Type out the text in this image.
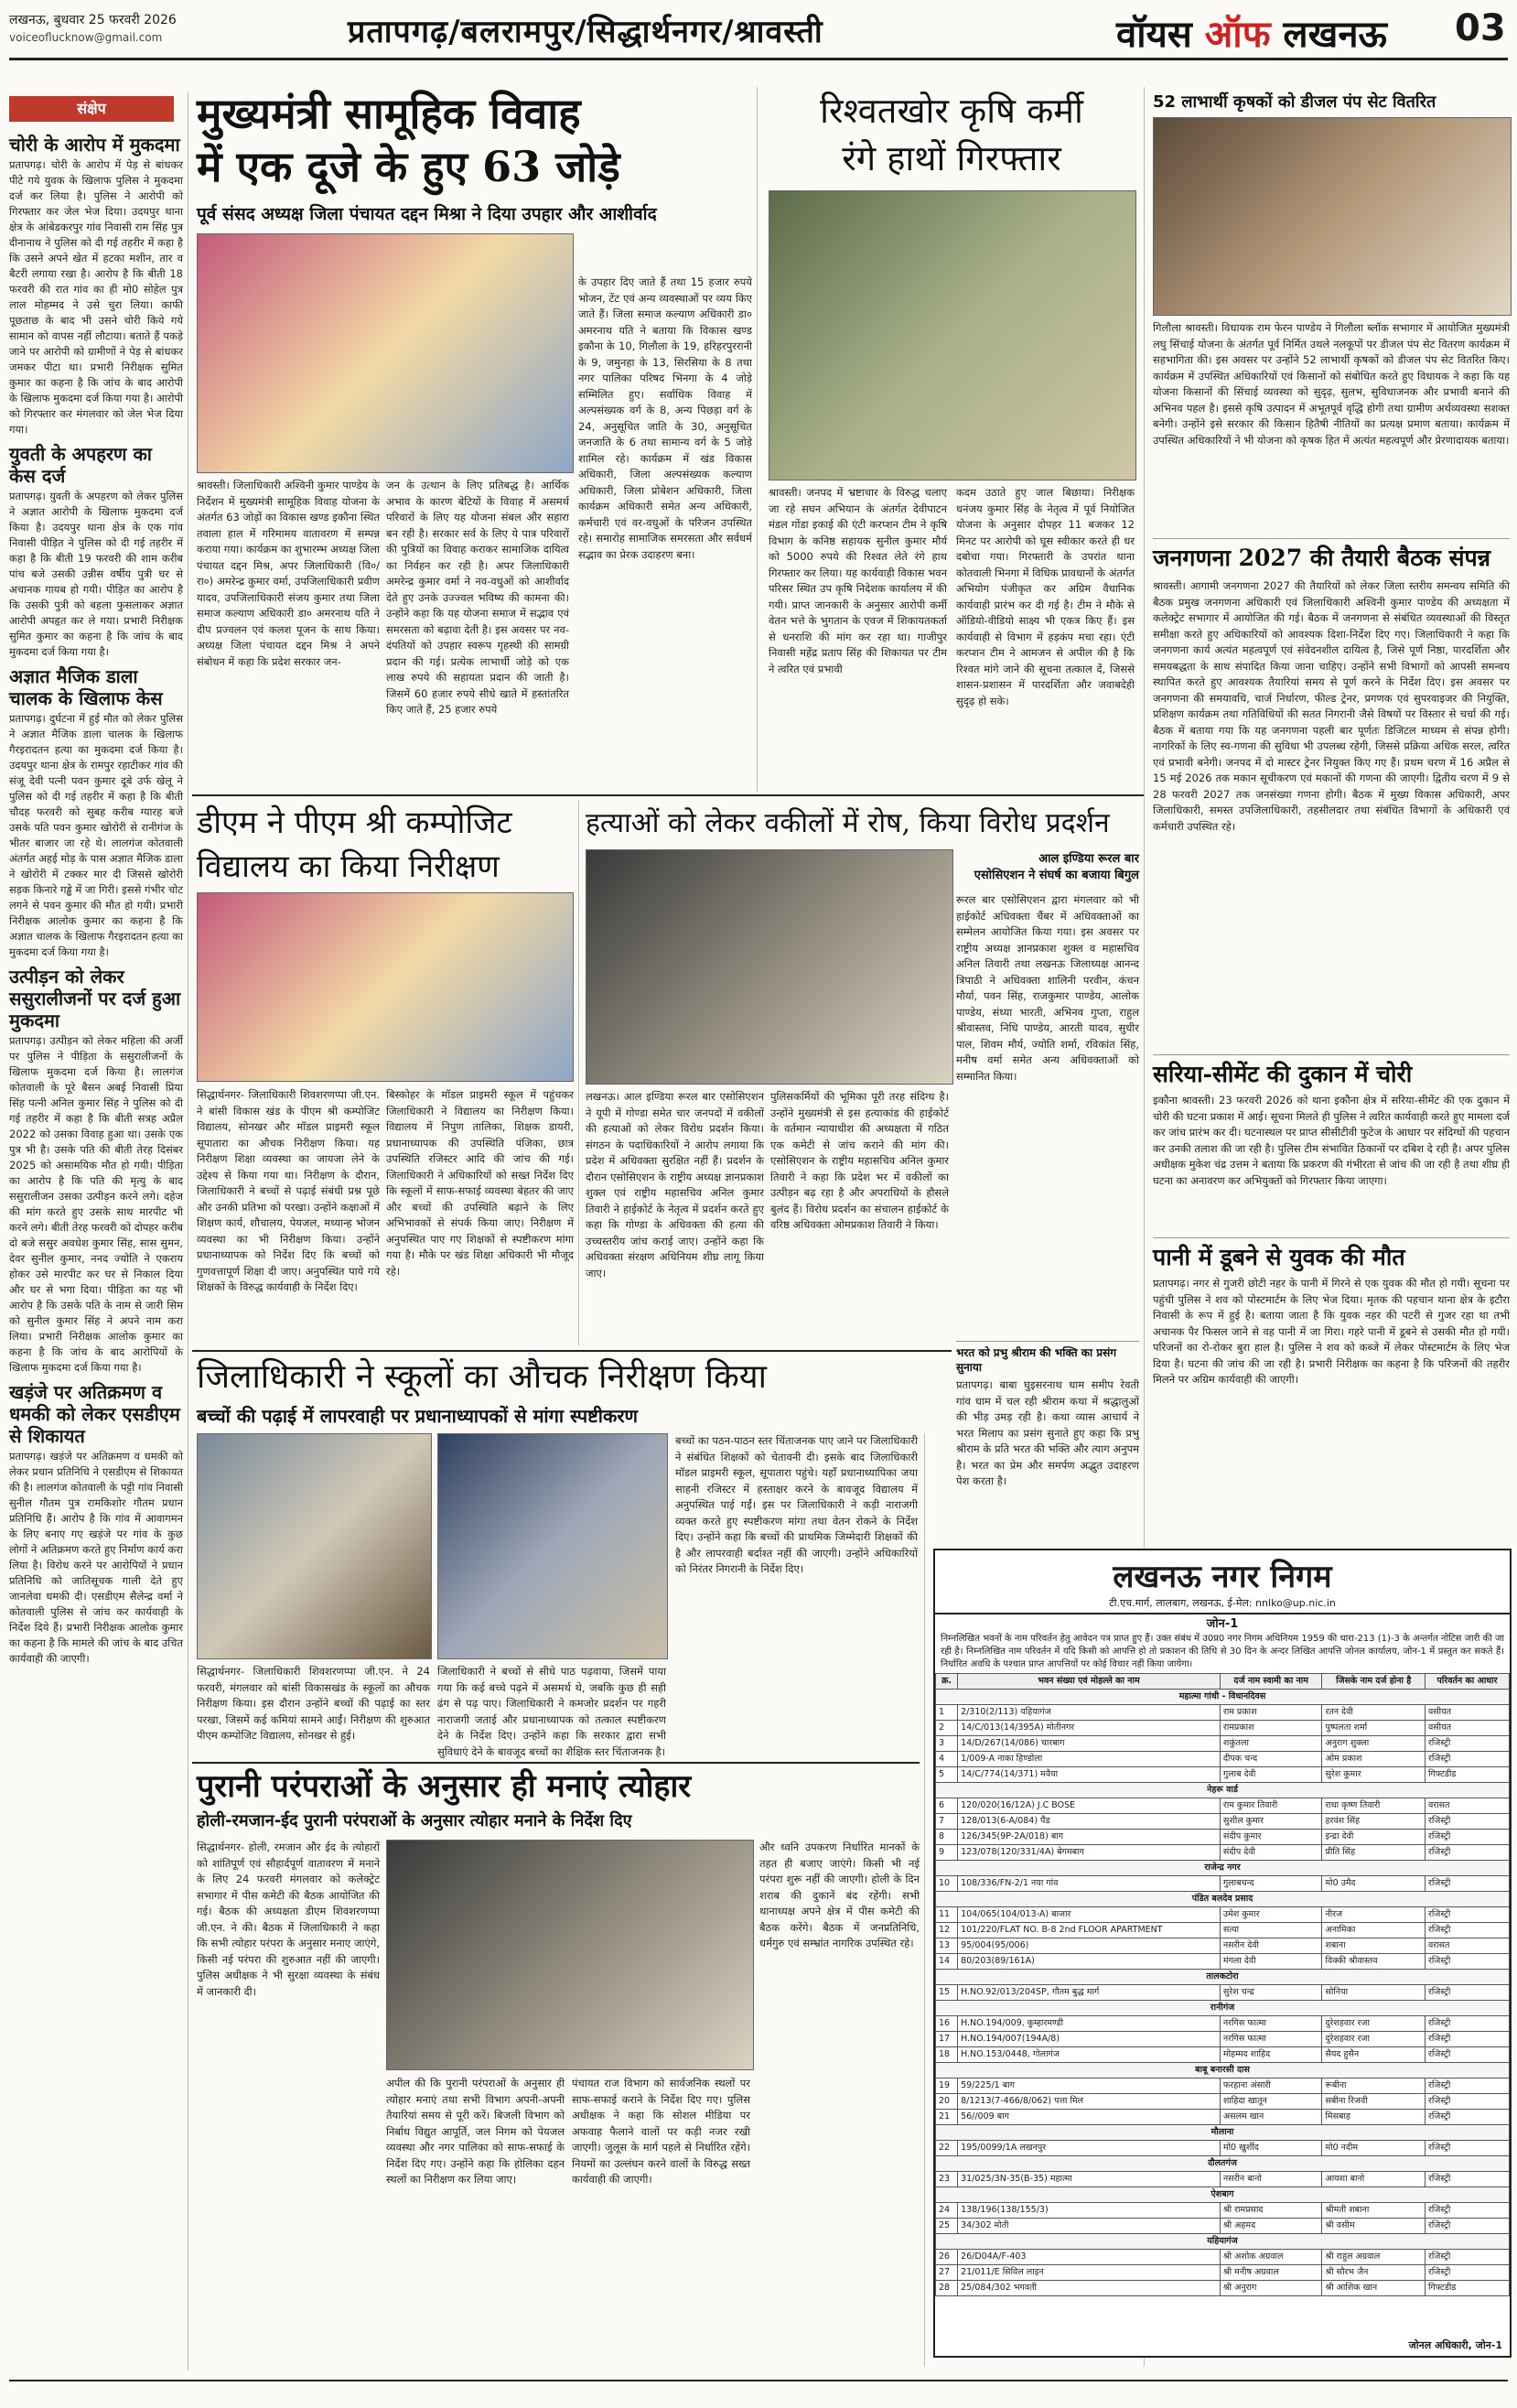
लखनऊ, बुधवार 25 फरवरी 2026
voiceoflucknow@gmail.com	प्रतापगढ़/बलरामपुर/सिद्धार्थनगर/श्रावस्ती	वॉयस ऑफ लखनऊ 03
संक्षेप
चोरी के आरोप में मुकदमा
प्रतापगढ़। चोरी के आरोप में पेड़ से बांधकर पीटे गये युवक के खिलाफ पुलिस ने मुकदमा दर्ज कर लिया है। पुलिस ने आरोपी को गिरफ्तार कर जेल भेज दिया। उदयपुर थाना क्षेत्र के आंबेडकरपुर गांव निवासी राम सिंह पुत्र दीनानाथ ने पुलिस को दी गई तहरीर में कहा है कि उसने अपने खेत में हटका मशीन, तार व बैटरी लगाया रखा है। आरोप है कि बीती 18 फरवरी की रात गांव का ही मो0 सोहेल पुत्र लाल मोहम्मद ने उसे चुरा लिया। काफी पूछताछ के बाद भी उसने चोरी किये गये सामान को वापस नहीं लौटाया। बताते हैं पकड़े जाने पर आरोपी को ग्रामीणों ने पेड़ से बांधकर जमकर पीटा था। प्रभारी निरीक्षक सुमित कुमार का कहना है कि जांच के बाद आरोपी के खिलाफ मुकदमा दर्ज किया गया है। आरोपी को गिरफ्तार कर मंगलवार को जेल भेज दिया गया।
युवती के अपहरण का केस दर्ज
प्रतापगढ़। युवती के अपहरण को लेकर पुलिस ने अज्ञात आरोपी के खिलाफ मुकदमा दर्ज किया है। उदयपुर थाना क्षेत्र के एक गांव निवासी पीड़ित ने पुलिस को दी गई तहरीर में कहा है कि बीती 19 फरवरी की शाम करीब पांच बजे उसकी उन्नीस वर्षीय पुत्री घर से अचानक गायब हो गयी। पीड़ित का आरोप है कि उसकी पुत्री को बहला फुसलाकर अज्ञात आरोपी अपहृत कर ले गया। प्रभारी निरीक्षक सुमित कुमार का कहना है कि जांच के बाद मुकदमा दर्ज किया गया है।
अज्ञात मैजिक डाला चालक के खिलाफ केस
प्रतापगढ़। दुर्घटना में हुई मौत को लेकर पुलिस ने अज्ञात मैजिक डाला चालक के खिलाफ गैरइरादतन हत्या का मुकदमा दर्ज किया है। उदयपुर थाना क्षेत्र के रामपुर रहाटीकर गांव की संजू देवी पत्नी पवन कुमार दूबे उर्फ खेलू ने पुलिस को दी गई तहरीर में कहा है कि बीती चौदह फरवरी को सुबह करीब ग्यारह बजे उसके पति पवन कुमार खोरोरी से रानीगंज के भीतर बाजार जा रहे थे। लालगंज कोतवाली अंतर्गत अहई मोड़ के पास अज्ञात मैजिक डाला ने खोरोरी में टक्कर मार दी जिससे खोरोरी सड़क किनारे गड्ढे में जा गिरी। इससे गंभीर चोट लगने से पवन कुमार की मौत हो गयी। प्रभारी निरीक्षक आलोक कुमार का कहना है कि अज्ञात चालक के खिलाफ गैरइरादतन हत्या का मुकदमा दर्ज किया गया है।
उत्पीड़न को लेकर ससुरालीजनों पर दर्ज हुआ मुकदमा
प्रतापगढ़। उत्पीड़न को लेकर महिला की अर्जी पर पुलिस ने पीड़िता के ससुरालीजनों के खिलाफ मुकदमा दर्ज किया है। लालगंज कोतवाली के पूरे बैसन अबई निवासी प्रिया सिंह पत्नी अनिल कुमार सिंह ने पुलिस को दी गई तहरीर में कहा है कि बीती सत्रह अप्रैल 2022 को उसका विवाह हुआ था। उसके एक पुत्र भी है। उसके पति की बीती तेरह दिसंबर 2025 को असामयिक मौत हो गयी। पीड़िता का आरोप है कि पति की मृत्यु के बाद ससुरालीजन उसका उत्पीड़न करने लगे। दहेज की मांग करते हुए उसके साथ मारपीट भी करने लगे। बीती तेरह फरवरी को दोपहर करीब दो बजे ससुर अवधेश कुमार सिंह, सास सुमन, देवर सुनील कुमार, ननद ज्योति ने एकराय होकर उसे मारपीट कर घर से निकाल दिया और घर से भगा दिया। पीड़िता का यह भी आरोप है कि उसके पति के नाम से जारी सिम को सुनील कुमार सिंह ने अपने नाम करा लिया। प्रभारी निरीक्षक आलोक कुमार का कहना है कि जांच के बाद आरोपियों के खिलाफ मुकदमा दर्ज किया गया है।
खड़ंजे पर अतिक्रमण व धमकी को लेकर एसडीएम से शिकायत
प्रतापगढ़। खड़ंजे पर अतिक्रमण व धमकी को लेकर प्रधान प्रतिनिधि ने एसडीएम से शिकायत की है। लालगंज कोतवाली के पट्टी गांव निवासी सुनील गौतम पुत्र रामकिशोर गौतम प्रधान प्रतिनिधि हैं। आरोप है कि गांव में आवागमन के लिए बनाए गए खड़ंजे पर गांव के कुछ लोगों ने अतिक्रमण करते हुए निर्माण कार्य करा लिया है। विरोध करने पर आरोपियों ने प्रधान प्रतिनिधि को जातिसूचक गाली देते हुए जानलेवा धमकी दी। एसडीएम सैलेन्द्र वर्मा ने कोतवाली पुलिस से जांच कर कार्यवाही के निर्देश दिये हैं। प्रभारी निरीक्षक आलोक कुमार का कहना है कि मामले की जांच के बाद उचित कार्यवाही की जाएगी।
मुख्यमंत्री सामूहिक विवाह
में एक दूजे के हुए 63 जोड़े
पूर्व संसद अध्यक्ष जिला पंचायत दद्दन मिश्रा ने दिया उपहार और आशीर्वाद
श्रावस्ती। जिलाधिकारी अश्विनी कुमार पाण्डेय के निर्देशन में मुख्यमंत्री सामूहिक विवाह योजना के अंतर्गत 63 जोड़ों का विकास खण्ड इकौना स्थित तवाला हाल में गरिमामय वातावरण में सम्पन्न कराया गया। कार्यक्रम का शुभारम्भ अध्यक्ष जिला पंचायत दद्दन मिश्र, अपर जिलाधिकारी (वि०/रा०) अमरेन्द्र कुमार वर्मा, उपजिलाधिकारी प्रवीण यादव, उपजिलाधिकारी संजय कुमार तथा जिला समाज कल्याण अधिकारी डा० अमरनाथ यति ने दीप प्रज्वलन एवं कलश पूजन के साथ किया। अध्यक्ष जिला पंचायत दद्दन मिश्र ने अपने संबोधन में कहा कि प्रदेश सरकार जन-
जन के उत्थान के लिए प्रतिबद्ध है। आर्थिक अभाव के कारण बेटियों के विवाह में असमर्थ परिवारों के लिए यह योजना संबल और सहारा बन रही है। सरकार सर्व के लिए ये पात्र परिवारों की पुत्रियों का विवाह कराकर सामाजिक दायित्व का निर्वहन कर रही है। अपर जिलाधिकारी अमरेन्द्र कुमार वर्मा ने नव-वधुओं को आशीर्वाद देते हुए उनके उज्ज्वल भविष्य की कामना की। उन्होंने कहा कि यह योजना समाज में सद्भाव एवं समरसता को बढ़ावा देती है। इस अवसर पर नव-दंपतियों को उपहार स्वरूप गृहस्थी की सामग्री प्रदान की गई। प्रत्येक लाभार्थी जोड़े को एक लाख रुपये की सहायता प्रदान की जाती है। जिसमें 60 हजार रुपये सीधे खाते में हस्तांतरित किए जाते हैं, 25 हजार रुपये
के उपहार दिए जाते हैं तथा 15 हजार रुपये भोजन, टेंट एवं अन्य व्यवस्थाओं पर व्यय किए जाते हैं। जिला समाज कल्याण अधिकारी डा० अमरनाथ यति ने बताया कि विकास खण्ड इकौना के 10, गिलौला के 19, हरिहरपुररानी के 9, जमुनहा के 13, सिरसिया के 8 तथा नगर पालिका परिषद भिनगा के 4 जोड़े सम्मिलित हुए। सर्वाधिक विवाह में अल्पसंख्यक वर्ग के 8, अन्य पिछड़ा वर्ग के 24, अनुसूचित जाति के 30, अनुसूचित जनजाति के 6 तथा सामान्य वर्ग के 5 जोड़े शामिल रहे। कार्यक्रम में खंड विकास अधिकारी, जिला अल्पसंख्यक कल्याण अधिकारी, जिला प्रोबेशन अधिकारी, जिला कार्यक्रम अधिकारी समेत अन्य अधिकारी, कर्मचारी एवं वर-वधुओं के परिजन उपस्थित रहे। समारोह सामाजिक समरसता और सर्वधर्म सद्भाव का प्रेरक उदाहरण बना।
रिश्वतखोर कृषि कर्मी
रंगे हाथों गिरफ्तार
श्रावस्ती। जनपद में भ्रष्टाचार के विरुद्ध चलाए जा रहे सघन अभियान के अंतर्गत देवीपाटन मंडल गोंडा इकाई की एंटी करप्शन टीम ने कृषि विभाग के कनिष्ठ सहायक सुनील कुमार मौर्य को 5000 रुपये की रिश्वत लेते रंगे हाथ गिरफ्तार कर लिया। यह कार्यवाही विकास भवन परिसर स्थित उप कृषि निदेशक कार्यालय में की गयी। प्राप्त जानकारी के अनुसार आरोपी कर्मी वेतन भत्ते के भुगतान के एवज में शिकायतकर्ता से धनराशि की मांग कर रहा था। गाजीपुर निवासी महेंद्र प्रताप सिंह की शिकायत पर टीम ने त्वरित एवं प्रभावी
कदम उठाते हुए जाल बिछाया। निरीक्षक धनंजय कुमार सिंह के नेतृत्व में पूर्व नियोजित योजना के अनुसार दोपहर 11 बजकर 12 मिनट पर आरोपी को घूस स्वीकार करते ही धर दबोचा गया। गिरफ्तारी के उपरांत थाना कोतवाली भिनगा में विधिक प्रावधानों के अंतर्गत अभियोग पंजीकृत कर अग्रिम वैधानिक कार्यवाही प्रारंभ कर दी गई है। टीम ने मौके से ऑडियो-वीडियो साक्ष्य भी एकत्र किए हैं। इस कार्यवाही से विभाग में हड़कंप मचा रहा। एंटी करप्शन टीम ने आमजन से अपील की है कि रिश्वत मांगे जाने की सूचना तत्काल दें, जिससे शासन-प्रशासन में पारदर्शिता और जवाबदेही सुदृढ़ हो सके।
52 लाभार्थी कृषकों को डीजल पंप सेट वितरित
गिलौला श्रावस्ती। विधायक राम फेरन पाण्डेय ने गिलौला ब्लॉक सभागार में आयोजित मुख्यमंत्री लघु सिंचाई योजना के अंतर्गत पूर्व निर्मित उथले नलकूपों पर डीजल पंप सेट वितरण कार्यक्रम में सहभागिता की। इस अवसर पर उन्होंने 52 लाभार्थी कृषकों को डीजल पंप सेट वितरित किए। कार्यक्रम में उपस्थित अधिकारियों एवं किसानों को संबोधित करते हुए विधायक ने कहा कि यह योजना किसानों की सिंचाई व्यवस्था को सुदृढ़, सुलभ, सुविधाजनक और प्रभावी बनाने की अभिनव पहल है। इससे कृषि उत्पादन में अभूतपूर्व वृद्धि होगी तथा ग्रामीण अर्थव्यवस्था सशक्त बनेगी। उन्होंने इसे सरकार की किसान हितैषी नीतियों का प्रत्यक्ष प्रमाण बताया। कार्यक्रम में उपस्थित अधिकारियों ने भी योजना को कृषक हित में अत्यंत महत्वपूर्ण और प्रेरणादायक बताया।
जनगणना 2027 की तैयारी बैठक संपन्न
श्रावस्ती। आगामी जनगणना 2027 की तैयारियों को लेकर जिला स्तरीय समन्वय समिति की बैठक प्रमुख जनगणना अधिकारी एवं जिलाधिकारी अश्विनी कुमार पाण्डेय की अध्यक्षता में कलेक्ट्रेट सभागार में आयोजित की गई। बैठक में जनगणना से संबंधित व्यवस्थाओं की विस्तृत समीक्षा करते हुए अधिकारियों को आवश्यक दिशा-निर्देश दिए गए। जिलाधिकारी ने कहा कि जनगणना कार्य अत्यंत महत्वपूर्ण एवं संवेदनशील दायित्व है, जिसे पूर्ण निष्ठा, पारदर्शिता और समयबद्धता के साथ संपादित किया जाना चाहिए। उन्होंने सभी विभागों को आपसी समन्वय स्थापित करते हुए आवश्यक तैयारियां समय से पूर्ण करने के निर्देश दिए। इस अवसर पर जनगणना की समयावधि, चार्ज निर्धारण, फील्ड ट्रेनर, प्रगणक एवं सुपरवाइजर की नियुक्ति, प्रशिक्षण कार्यक्रम तथा गतिविधियों की सतत निगरानी जैसे विषयों पर विस्तार से चर्चा की गई। बैठक में बताया गया कि यह जनगणना पहली बार पूर्णतः डिजिटल माध्यम से संपन्न होगी। नागरिकों के लिए स्व-गणना की सुविधा भी उपलब्ध रहेगी, जिससे प्रक्रिया अधिक सरल, त्वरित एवं प्रभावी बनेगी। जनपद में दो मास्टर ट्रेनर नियुक्त किए गए हैं। प्रथम चरण में 16 अप्रैल से 15 मई 2026 तक मकान सूचीकरण एवं मकानों की गणना की जाएगी। द्वितीय चरण में 9 से 28 फरवरी 2027 तक जनसंख्या गणना होगी। बैठक में मुख्य विकास अधिकारी, अपर जिलाधिकारी, समस्त उपजिलाधिकारी, तहसीलदार तथा संबंधित विभागों के अधिकारी एवं कर्मचारी उपस्थित रहे।
सरिया-सीमेंट की दुकान में चोरी
इकौना श्रावस्ती। 23 फरवरी 2026 को थाना इकौना क्षेत्र में सरिया-सीमेंट की एक दुकान में चोरी की घटना प्रकाश में आई। सूचना मिलते ही पुलिस ने त्वरित कार्यवाही करते हुए मामला दर्ज कर जांच प्रारंभ कर दी। घटनास्थल पर प्राप्त सीसीटीवी फुटेज के आधार पर संदिग्धों की पहचान कर उनकी तलाश की जा रही है। पुलिस टीम संभावित ठिकानों पर दबिश दे रही है। अपर पुलिस अधीक्षक मुकेश चंद्र उत्तम ने बताया कि प्रकरण की गंभीरता से जांच की जा रही है तथा शीघ्र ही घटना का अनावरण कर अभियुक्तों को गिरफ्तार किया जाएगा।
पानी में डूबने से युवक की मौत
प्रतापगढ़। नगर से गुजरी छोटी नहर के पानी में गिरने से एक युवक की मौत हो गयी। सूचना पर पहुंची पुलिस ने शव को पोस्टमार्टम के लिए भेज दिया। मृतक की पहचान थाना क्षेत्र के इटौरा निवासी के रूप में हुई है। बताया जाता है कि युवक नहर की पटरी से गुजर रहा था तभी अचानक पैर फिसल जाने से वह पानी में जा गिरा। गहरे पानी में डूबने से उसकी मौत हो गयी। परिजनों का रो-रोकर बुरा हाल है। पुलिस ने शव को कब्जे में लेकर पोस्टमार्टम के लिए भेज दिया है। घटना की जांच की जा रही है। प्रभारी निरीक्षक का कहना है कि परिजनों की तहरीर मिलने पर अग्रिम कार्यवाही की जाएगी।
डीएम ने पीएम श्री कम्पोजिट
विद्यालय का किया निरीक्षण
सिद्धार्थनगर- जिलाधिकारी शिवशरणप्पा जी.एन. ने बांसी विकास खंड के पीएम श्री कम्पोजिट विद्यालय, सोनखर और मॉडल प्राइमरी स्कूल सूपातारा का औचक निरीक्षण किया। यह निरीक्षण शिक्षा व्यवस्था का जायजा लेने के उद्देश्य से किया गया था। निरीक्षण के दौरान, जिलाधिकारी ने बच्चों से पढ़ाई संबंधी प्रश्न पूछे और उनकी प्रतिभा को परखा। उन्होंने कक्षाओं में शिक्षण कार्य, शौचालय, पेयजल, मध्यान्ह भोजन व्यवस्था का भी निरीक्षण किया। उन्होंने प्रधानाध्यापक को निर्देश दिए कि बच्चों को गुणवत्तापूर्ण शिक्षा दी जाए। अनुपस्थित पाये गये शिक्षकों के विरुद्ध कार्यवाही के निर्देश दिए।
बिस्कोहर के मॉडल प्राइमरी स्कूल में पहुंचकर जिलाधिकारी ने विद्यालय का निरीक्षण किया। विद्यालय में निपुण तालिका, शिक्षक डायरी, प्रधानाध्यापक की उपस्थिति पंजिका, छात्र उपस्थिति रजिस्टर आदि की जांच की गई। जिलाधिकारी ने अधिकारियों को सख्त निर्देश दिए कि स्कूलों में साफ-सफाई व्यवस्था बेहतर की जाए और बच्चों की उपस्थिति बढ़ाने के लिए अभिभावकों से संपर्क किया जाए। निरीक्षण में अनुपस्थित पाए गए शिक्षकों से स्पष्टीकरण मांगा गया है। मौके पर खंड शिक्षा अधिकारी भी मौजूद रहे।
हत्याओं को लेकर वकीलों में रोष, किया विरोध प्रदर्शन
आल इण्डिया रूरल बार
एसोसिएशन ने संघर्ष का बजाया बिगुल
रूरल बार एसोसिएशन द्वारा मंगलवार को भी हाईकोर्ट अधिवक्ता चैंबर में अधिवक्ताओं का सम्मेलन आयोजित किया गया। इस अवसर पर राष्ट्रीय अध्यक्ष ज्ञानप्रकाश शुक्ल व महासचिव अनिल तिवारी तथा लखनऊ जिलाध्यक्ष आनन्द त्रिपाठी ने अधिवक्ता शालिनी परवीन, कंचन मौर्या, पवन सिंह, राजकुमार पाण्डेय, आलोक पाण्डेय, संध्या भारती, अभिनव गुप्ता, राहुल श्रीवास्तव, निधि पाण्डेय, आरती यादव, सुधीर पाल, शिवम मौर्य, ज्योति शर्मा, रविकांत सिंह, मनीष वर्मा समेत अन्य अधिवक्ताओं को सम्मानित किया।
लखनऊ। आल इण्डिया रूरल बार एसोसिएशन ने यूपी में गोण्डा समेत चार जनपदों में वकीलों की हत्याओं को लेकर विरोध प्रदर्शन किया। संगठन के पदाधिकारियों ने आरोप लगाया कि प्रदेश में अधिवक्ता सुरक्षित नहीं हैं। प्रदर्शन के दौरान एसोसिएशन के राष्ट्रीय अध्यक्ष ज्ञानप्रकाश शुक्ल एवं राष्ट्रीय महासचिव अनिल कुमार तिवारी ने हाईकोर्ट के नेतृत्व में प्रदर्शन करते हुए कहा कि गोण्डा के अधिवक्ता की हत्या की उच्चस्तरीय जांच कराई जाए। उन्होंने कहा कि अधिवक्ता संरक्षण अधिनियम शीघ्र लागू किया जाए।
पुलिसकर्मियों की भूमिका पूरी तरह संदिग्ध है। उन्होंने मुख्यमंत्री से इस हत्याकांड की हाईकोर्ट के वर्तमान न्यायाधीश की अध्यक्षता में गठित एक कमेटी से जांच कराने की मांग की। एसोसिएशन के राष्ट्रीय महासचिव अनिल कुमार तिवारी ने कहा कि प्रदेश भर में वकीलों का उत्पीड़न बढ़ रहा है और अपराधियों के हौसले बुलंद हैं। विरोध प्रदर्शन का संचालन हाईकोर्ट के वरिष्ठ अधिवक्ता ओमप्रकाश तिवारी ने किया।
भरत को प्रभु श्रीराम की भक्ति का प्रसंग सुनाया
प्रतापगढ़। बाबा घुइसरनाथ धाम समीप रेवती गांव धाम में चल रही श्रीराम कथा में श्रद्धालुओं की भीड़ उमड़ रही है। कथा व्यास आचार्य ने भरत मिलाप का प्रसंग सुनाते हुए कहा कि प्रभु श्रीराम के प्रति भरत की भक्ति और त्याग अनुपम है। भरत का प्रेम और समर्पण अद्भुत उदाहरण पेश करता है।
जिलाधिकारी ने स्कूलों का औचक निरीक्षण किया
बच्चों की पढ़ाई में लापरवाही पर प्रधानाध्यापकों से मांगा स्पष्टीकरण
सिद्धार्थनगर- जिलाधिकारी शिवशरणप्पा जी.एन. ने 24 फरवरी, मंगलवार को बांसी विकासखंड के स्कूलों का औचक निरीक्षण किया। इस दौरान उन्होंने बच्चों की पढ़ाई का स्तर परखा, जिसमें कई कमियां सामने आईं। निरीक्षण की शुरुआत पीएम कम्पोजिट विद्यालय, सोनखर से हुई।
जिलाधिकारी ने बच्चों से सीधे पाठ पढ़वाया, जिसमें पाया गया कि कई बच्चे पढ़ने में असमर्थ थे, जबकि कुछ ही सही ढंग से पढ़ पाए। जिलाधिकारी ने कमजोर प्रदर्शन पर गहरी नाराजगी जताई और प्रधानाध्यापक को तत्काल स्पष्टीकरण देने के निर्देश दिए। उन्होंने कहा कि सरकार द्वारा सभी सुविधाएं देने के बावजूद बच्चों का शैक्षिक स्तर चिंताजनक है।
बच्चों का पठन-पाठन स्तर चिंताजनक पाए जाने पर जिलाधिकारी ने संबंधित शिक्षकों को चेतावनी दी। इसके बाद जिलाधिकारी मॉडल प्राइमरी स्कूल, सूपातारा पहुंचे। यहाँ प्रधानाध्यापिका जया साहनी रजिस्टर में हस्ताक्षर करने के बावजूद विद्यालय में अनुपस्थित पाई गईं। इस पर जिलाधिकारी ने कड़ी नाराजगी व्यक्त करते हुए स्पष्टीकरण मांगा तथा वेतन रोकने के निर्देश दिए। उन्होंने कहा कि बच्चों की प्राथमिक जिम्मेदारी शिक्षकों की है और लापरवाही बर्दाश्त नहीं की जाएगी। उन्होंने अधिकारियों को निरंतर निगरानी के निर्देश दिए।
पुरानी परंपराओं के अनुसार ही मनाएं त्योहार
होली-रमजान-ईद पुरानी परंपराओं के अनुसार त्योहार मनाने के निर्देश दिए
सिद्धार्थनगर- होली, रमजान और ईद के त्योहारों को शांतिपूर्ण एवं सौहार्दपूर्ण वातावरण में मनाने के लिए 24 फरवरी मंगलवार को कलेक्ट्रेट सभागार में पीस कमेटी की बैठक आयोजित की गई। बैठक की अध्यक्षता डीएम शिवशरणप्पा जी.एन. ने की। बैठक में जिलाधिकारी ने कहा कि सभी त्योहार परंपरा के अनुसार मनाए जाएंगे, किसी नई परंपरा की शुरुआत नहीं की जाएगी। पुलिस अधीक्षक ने भी सुरक्षा व्यवस्था के संबंध में जानकारी दी।
अपील की कि पुरानी परंपराओं के अनुसार ही त्योहार मनाएं तथा सभी विभाग अपनी-अपनी तैयारियां समय से पूरी करें। बिजली विभाग को निर्बाध विद्युत आपूर्ति, जल निगम को पेयजल व्यवस्था और नगर पालिका को साफ-सफाई के निर्देश दिए गए। उन्होंने कहा कि होलिका दहन स्थलों का निरीक्षण कर लिया जाए।
पंचायत राज विभाग को सार्वजनिक स्थलों पर साफ-सफाई कराने के निर्देश दिए गए। पुलिस अधीक्षक ने कहा कि सोशल मीडिया पर अफवाह फैलाने वालों पर कड़ी नजर रखी जाएगी। जुलूस के मार्ग पहले से निर्धारित रहेंगे। नियमों का उल्लंघन करने वालों के विरुद्ध सख्त कार्यवाही की जाएगी।
और ध्वनि उपकरण निर्धारित मानकों के तहत ही बजाए जाएंगे। किसी भी नई परंपरा शुरू नहीं की जाएगी। होली के दिन शराब की दुकानें बंद रहेंगी। सभी थानाध्यक्ष अपने क्षेत्र में पीस कमेटी की बैठक करेंगे। बैठक में जनप्रतिनिधि, धर्मगुरु एवं सम्भ्रांत नागरिक उपस्थित रहे।
लखनऊ नगर निगम
टी.एच.मार्ग, लालबाग, लखनऊ, ई-मेल: nnlko@up.nic.in
जोन-1
निम्नलिखित भवनों के नाम परिवर्तन हेतु आवेदन पत्र प्राप्त हुए हैं। उक्त संबंध में उ0प्र0 नगर निगम अधिनियम 1959 की धारा-213 (1)-3 के अन्तर्गत नोटिस जारी की जा रही है। निम्नलिखित नाम परिवर्तन में यदि किसी को आपत्ति हो तो प्रकाशन की तिथि से 30 दिन के अन्दर लिखित आपत्ति जोनल कार्यालय, जोन-1 में प्रस्तुत कर सकते हैं। निर्धारित अवधि के पश्चात प्राप्त आपत्तियों पर कोई विचार नहीं किया जायेगा।
क्र.	भवन संख्या एवं मोहल्ले का नाम	दर्ज नाम स्वामी का नाम	जिसके नाम दर्ज होना है	परिवर्तन का आधार
महात्मा गांधी - विधानदिवस				
1	2/310(2/113) यहियागंज	राम प्रकाश	रतन देवी	वसीयत
2	14/C/013(14/395A) मोतीनगर	रामप्रकाश	पुष्पलता शर्मा	वसीयत
3	14/D/267(14/086) चारबाग	शकुंतला	अनुराग शुक्ला	रजिस्ट्री
4	1/009-A नाका हिण्डोला	दीपक चन्द	ओम प्रकाश	रजिस्ट्री
5	14/C/774(14/371) मवैया	गुलाब देवी	सुरेश कुमार	गिफ्टडीड
नेहरू वार्ड				
6	120/020(16/12A) J.C BOSE	राम कुमार तिवारी	राधा कृष्ण तिवारी	वरासत
7	128/013(6-A/084) पैंड	सुशील कुमार	हरवंश सिंह	रजिस्ट्री
8	126/345(9P-2A/018) बाग	संदीप कुमार	इन्द्रा देवी	रजिस्ट्री
9	123/078(120/331/4A) बेगमबाग	संदीप देवी	प्रीति सिंह	रजिस्ट्री
राजेन्द्र नगर				
10	108/336/FN-2/1 नया गांव	गुलाबचन्द	मो0 उमैद	रजिस्ट्री
पंडित बलदेव प्रसाद				
11	104/065(104/013-A) बाजार	उमेश कुमार	नीरज	रजिस्ट्री
12	101/220/FLAT NO. B-8 2nd FLOOR APARTMENT	सत्या	अनामिका	रजिस्ट्री
13	95/004(95/006)	नसरीन देवी	शबाना	वरासत
14	80/203(89/161A)	मंगला देवी	विक्की श्रीवास्तव	रजिस्ट्री
तालकटोरा				
15	H.NO.92/013/204SP, गौतम बुद्ध मार्ग	सुरेश चन्द्र	सोनिया	रजिस्ट्री
रानीगंज				
16	H.NO.194/009, कुम्हारमण्डी	नरगिस फात्मा	दुरेशहवार रजा	रजिस्ट्री
17	H.NO.194/007(194A/8)	नरगिस फात्मा	दुरेशहवार रजा	रजिस्ट्री
18	H.NO.153/0448, गोलागंज	मोहम्मद शाहिद	सैयद हुसैन	रजिस्ट्री
बाबू बनारसी दास				
19	59/225/1 बाग	फरहाना अंसारी	रूबीना	रजिस्ट्री
20	8/1213(7-466/8/062) पत्ता मिल	शाहिदा खातून	सबीना रिजवी	रजिस्ट्री
21	56//009 बाग	असलम खान	मिसबाह	रजिस्ट्री
मौलाना				
22	195/0099/1A लखनपुर	मो0 खुर्शीद	मो0 नदीम	रजिस्ट्री
दौलतगंज				
23	31/025/3N-35(B-35) महात्मा	नसरीन बानो	आयशा बानो	रजिस्ट्री
ऐशबाग				
24	138/196(138/155/3)	श्री रामप्रसाद	श्रीमती शबाना	रजिस्ट्री
25	34/302 मोती	श्री अहमद	श्री वसीम	रजिस्ट्री
यहियागंज				
26	26/D04A/F-403	श्री अशोक अग्रवाल	श्री राहुल अग्रवाल	रजिस्ट्री
27	21/011/E सिविल लाइन	श्री मनीष अग्रवाल	श्री सौरभ जैन	रजिस्ट्री
28	25/084/302 भगवती	श्री अनुराग	श्री आशिक खान	गिफ्टडीड
जोनल अधिकारी, जोन-1
